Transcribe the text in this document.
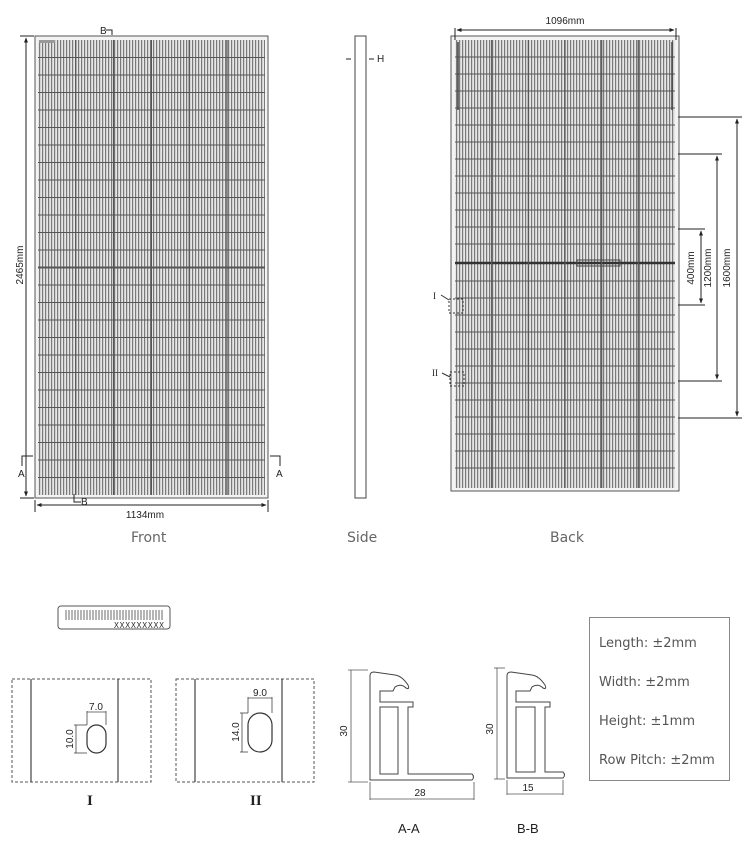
2465mm
1134mm
B
B
A	A
H
1096mm
1600mm
1200mm
400mm
I
II
XXXXXXXXX
7.0
10.0
9.0
14.0	30
28
30
15
Front	Side	Back
I	II
A-A	B-B
Length: ±2mm
Width: ±2mm
Height: ±1mm
Row Pitch: ±2mm
